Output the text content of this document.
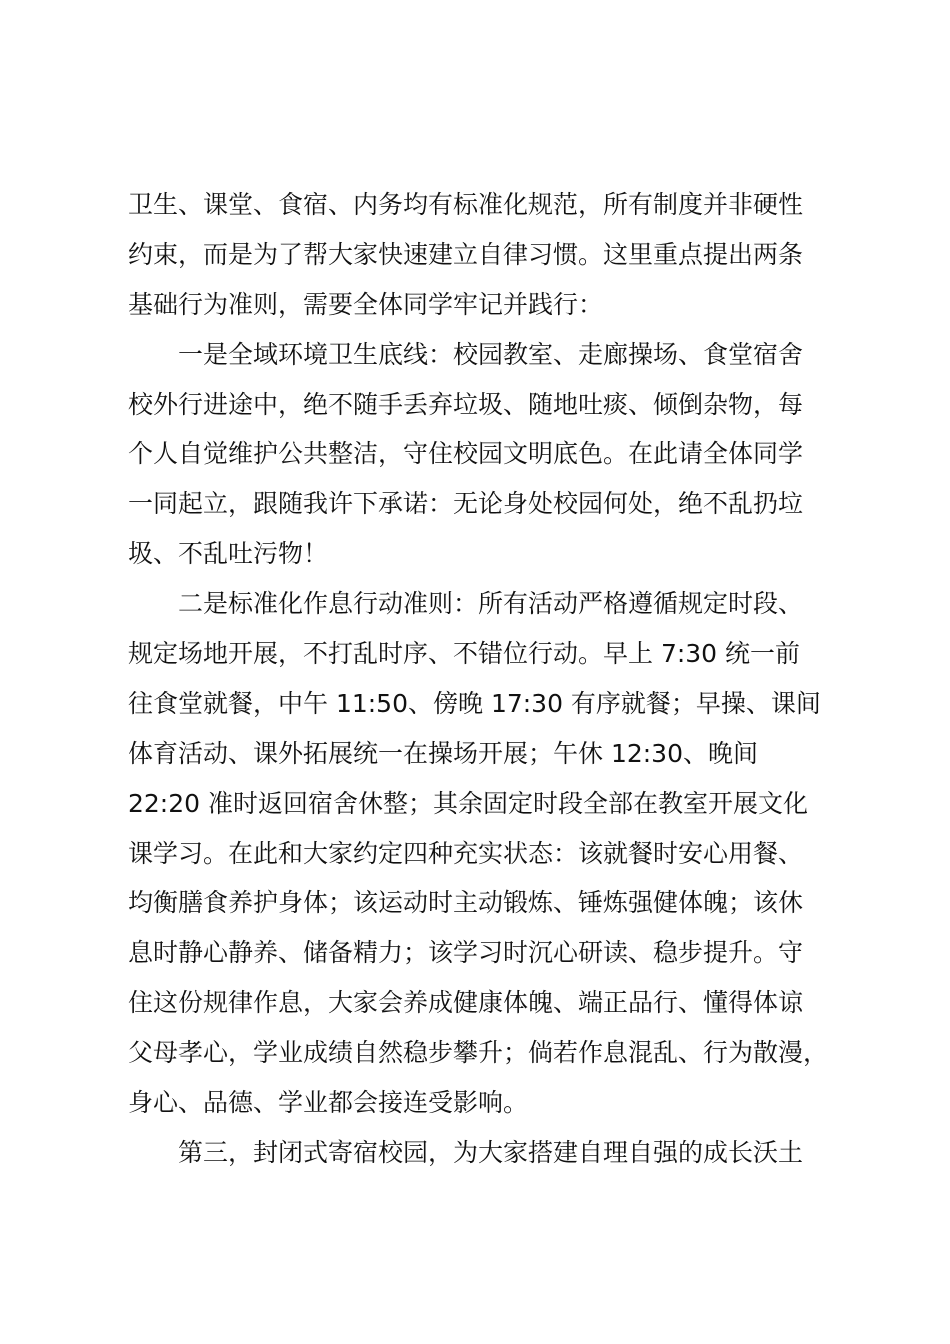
卫生、课堂、食宿、内务均有标准化规范，所有制度并非硬性
约束，而是为了帮大家快速建立自律习惯。这里重点提出两条
基础行为准则，需要全体同学牢记并践行：
一是全域环境卫生底线：校园教室、走廊操场、食堂宿舍
校外行进途中，绝不随手丢弃垃圾、随地吐痰、倾倒杂物，每
个人自觉维护公共整洁，守住校园文明底色。在此请全体同学
一同起立，跟随我许下承诺：无论身处校园何处，绝不乱扔垃
圾、不乱吐污物！
二是标准化作息行动准则：所有活动严格遵循规定时段、
规定场地开展，不打乱时序、不错位行动。早上 7:30 统一前
往食堂就餐，中午 11:50、傍晚 17:30 有序就餐；早操、课间
体育活动、课外拓展统一在操场开展；午休 12:30、晚间
22:20 准时返回宿舍休整；其余固定时段全部在教室开展文化
课学习。在此和大家约定四种充实状态：该就餐时安心用餐、
均衡膳食养护身体；该运动时主动锻炼、锤炼强健体魄；该休
息时静心静养、储备精力；该学习时沉心研读、稳步提升。守
住这份规律作息，大家会养成健康体魄、端正品行、懂得体谅
父母孝心，学业成绩自然稳步攀升；倘若作息混乱、行为散漫，
身心、品德、学业都会接连受影响。
第三，封闭式寄宿校园，为大家搭建自理自强的成长沃土
